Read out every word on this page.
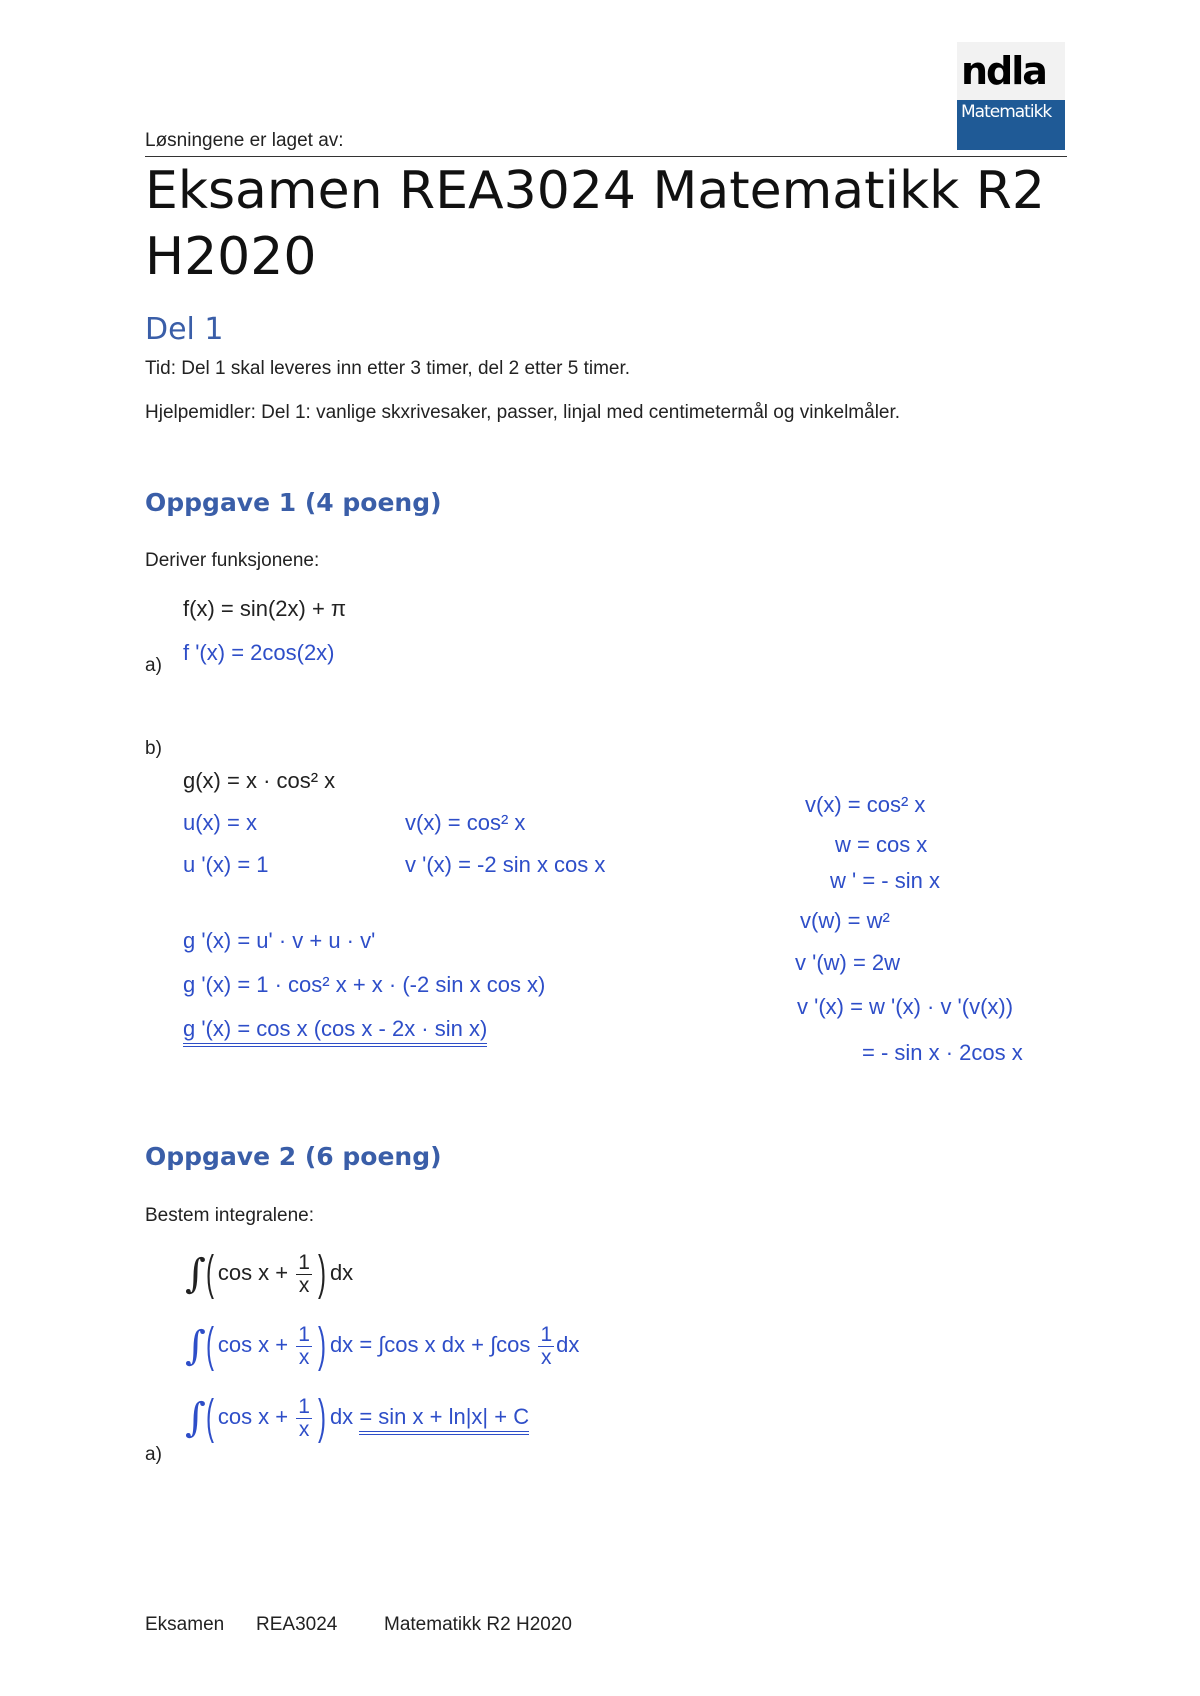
ndla
Matematikk
Løsningene er laget av:
Eksamen REA3024 Matematikk R2 H2020
Del 1
Tid: Del 1 skal leveres inn etter 3 timer, del 2 etter 5 timer.
Hjelpemidler: Del 1: vanlige skxrivesaker, passer, linjal med centimetermål og vinkelmåler.
Oppgave 1 (4 poeng)
Deriver funksjonene:
f(x) = sin(2x) + π
f '(x) = 2cos(2x)
a)
b)
g(x) = x · cos² x
u(x) = x	v(x) = cos² x
u '(x) = 1	v '(x) = -2 sin x cos x
g '(x) = u' · v + u · v'
g '(x) = 1 · cos² x + x · (-2 sin x cos x)
g '(x) = cos x (cos x - 2x · sin x)
v(x) = cos² x
w = cos x
w ' = - sin x
v(w) = w²
v '(w) = 2w
v '(x) = w '(x) · v '(v(x))
= - sin x · 2cos x
Oppgave 2 (6 poeng)
Bestem integralene:
∫( $\cos x + \frac{1}{x}$ ) dx
∫( $\cos x + \frac{1}{x}$ ) dx = ∫cos x dx + $\int\cos \frac{1}{x}$ dx
∫( $\cos x + \frac{1}{x}$ ) dx = sin x + ln|x| + C
a)
Eksamen REA3024 Matematikk R2 H2020
